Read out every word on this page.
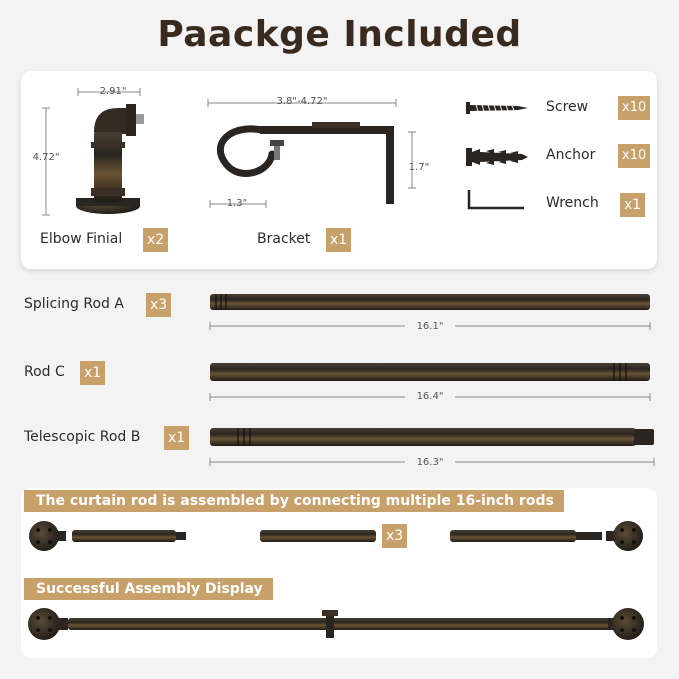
Paackge Included
2.91"
4.72"
Elbow Finial x2
3.8"-4.72"
1.7"
1.3"
Bracket x1
Screw	x10
Anchor	x10
Wrench x1
Splicing Rod A x3
16.1"
Rod C x1
16.4"
Telescopic Rod B x1
16.3"
The curtain rod is assembled by connecting multiple 16-inch rods
x3
Successful Assembly Display
